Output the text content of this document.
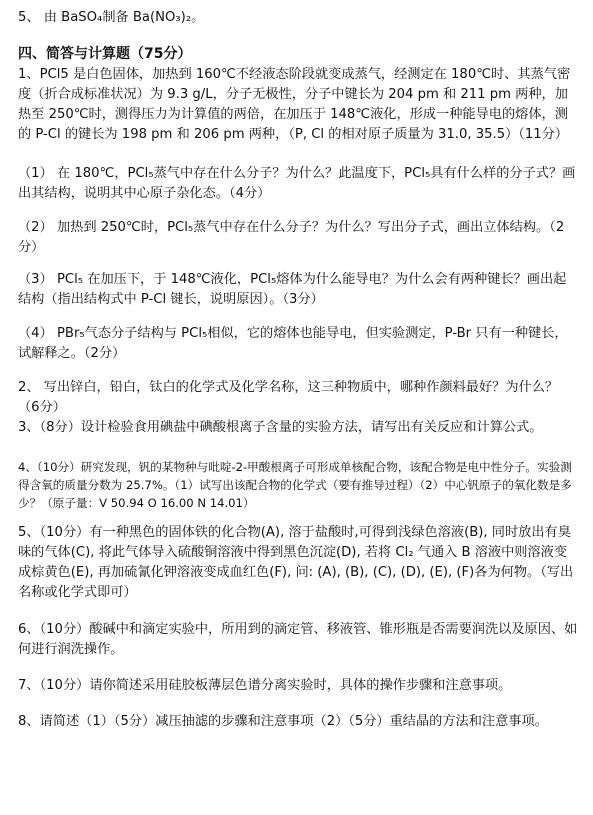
5、 由 BaSO₄制备 Ba(NO₃)₂。

四、简答与计算题（75分）

1、PCl5 是白色固体，加热到 160℃不经液态阶段就变成蒸气，经测定在 180℃时、其蒸气密度（折合成标准状况）为 9.3 g/L，分子无极性，分子中键长为 204 pm 和 211 pm 两种，加热至 250℃时，测得压力为计算值的两倍，在加压于 148℃液化，形成一种能导电的熔体，测的 P-Cl 的键长为 198 pm 和 206 pm 两种，（P, Cl 的相对原子质量为 31.0, 35.5）（11分）

（1） 在 180℃，PCl₅蒸气中存在什么分子？为什么？此温度下，PCl₅具有什么样的分子式？画出其结构，说明其中心原子杂化态。（4分）

（2） 加热到 250℃时，PCl₅蒸气中存在什么分子？为什么？写出分子式，画出立体结构。（2分）

（3） PCl₅ 在加压下，于 148℃液化，PCl₅熔体为什么能导电？为什么会有两种键长？画出起结构（指出结构式中 P-Cl 键长，说明原因）。（3分）

（4） PBr₅气态分子结构与 PCl₅相似，它的熔体也能导电，但实验测定，P-Br 只有一种键长，试解释之。（2分）

2、 写出锌白，铅白，钛白的化学式及化学名称，这三种物质中，哪种作颜料最好？为什么？（6分）

3、（8分）设计检验食用碘盐中碘酸根离子含量的实验方法，请写出有关反应和计算公式。

4、（10分）研究发现，钒的某物种与吡啶-2-甲酸根离子可形成单核配合物，该配合物是电中性分子。实验测得含氧的质量分数为 25.7%。（1）试写出该配合物的化学式（要有推导过程）（2）中心钒原子的氧化数是多少？（原子量：V 50.94 O 16.00 N 14.01）

5、（10分）有一种黑色的固体铁的化合物(A), 溶于盐酸时,可得到浅绿色溶液(B), 同时放出有臭味的气体(C), 将此气体导入硫酸铜溶液中得到黑色沉淀(D), 若将 Cl₂ 气通入 B 溶液中则溶液变成棕黄色(E), 再加硫氰化钾溶液变成血红色(F), 问: (A), (B), (C), (D), (E), (F)各为何物。（写出名称或化学式即可）

6、（10分）酸碱中和滴定实验中，所用到的滴定管、移液管、锥形瓶是否需要润洗以及原因、如何进行润洗操作。

7、（10分）请你简述采用硅胶板薄层色谱分离实验时，具体的操作步骤和注意事项。

8、请简述（1）（5分）减压抽滤的步骤和注意事项（2）（5分）重结晶的方法和注意事项。
